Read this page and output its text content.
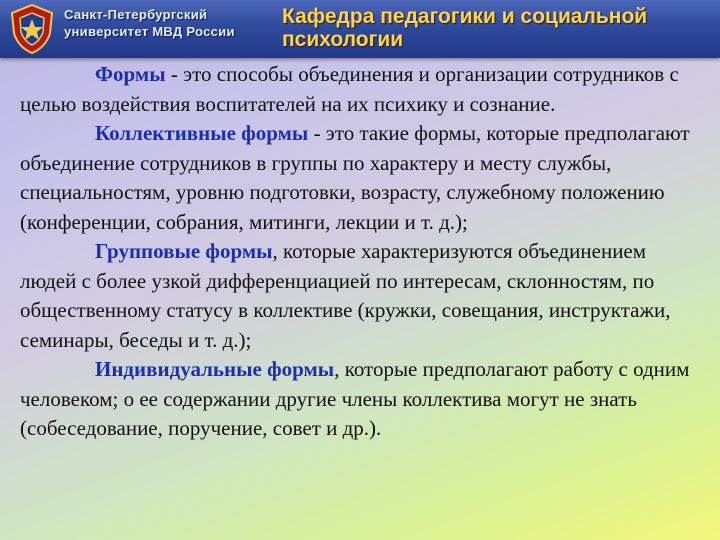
Санкт-Петербургский
университет МВД России
Кафедра педагогики и социальной
психологии

Формы - это способы объединения и организации сотрудников с целью воздействия воспитателей на их психику и сознание.

Коллективные формы - это такие формы, которые предполагают объединение сотрудников в группы по характеру и месту службы, специальностям, уровню подготовки, возрасту, служебному положению (конференции, собрания, митинги, лекции и т. д.);

Групповые формы, которые характеризуются объединением людей с более узкой дифференциацией по интересам, склонностям, по общественному статусу в коллективе (кружки, совещания, инструктажи, семинары, беседы и т. д.);

Индивидуальные формы, которые предполагают работу с одним человеком; о ее содержании другие члены коллектива могут не знать (собеседование, поручение, совет и др.).
